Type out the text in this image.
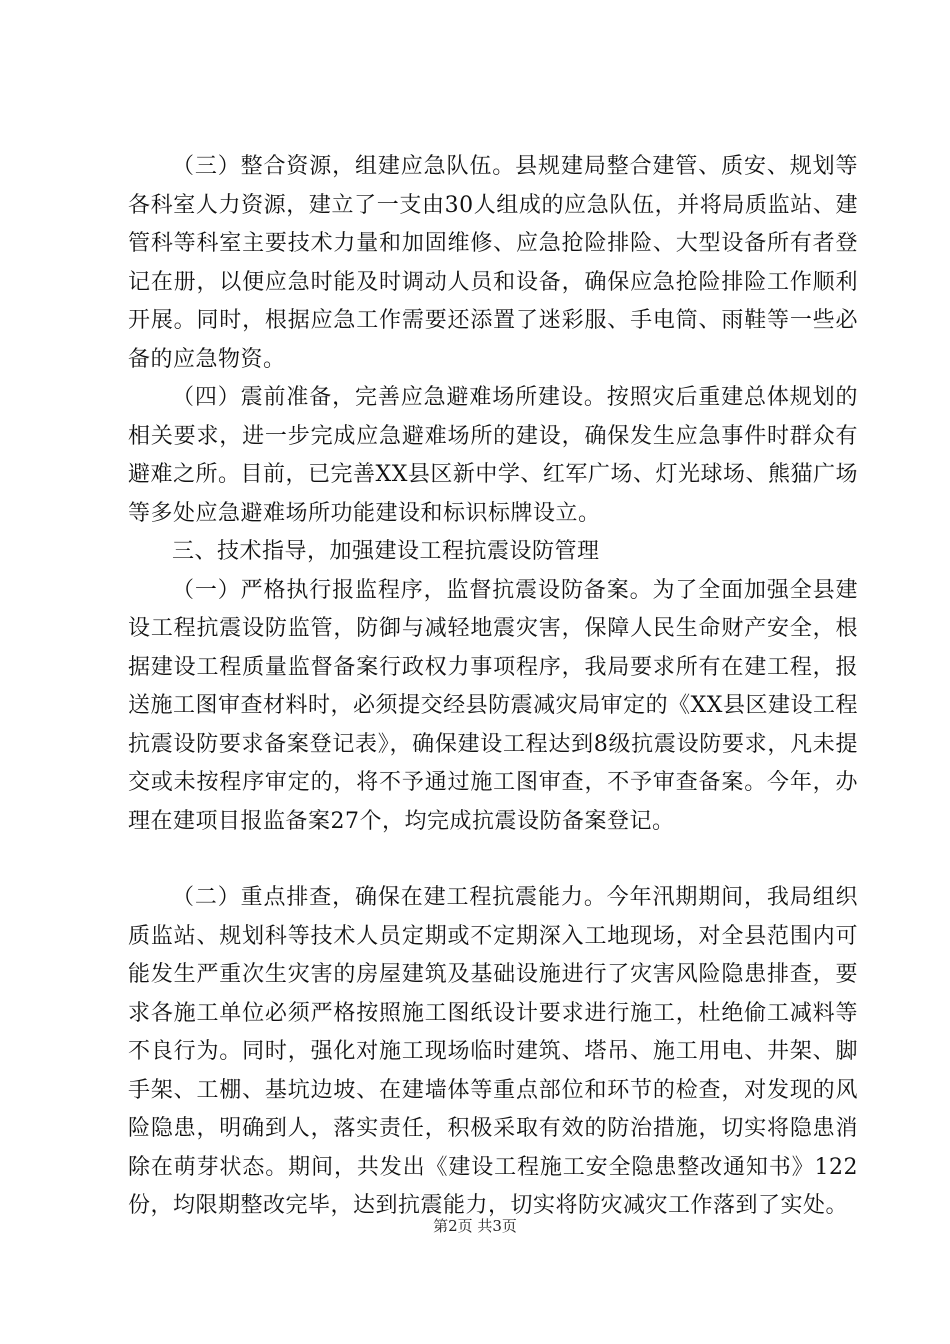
（三）整合资源，组建应急队伍。县规建局整合建管、质安、规划等各科室人力资源，建立了一支由30人组成的应急队伍，并将局质监站、建管科等科室主要技术力量和加固维修、应急抢险排险、大型设备所有者登记在册，以便应急时能及时调动人员和设备，确保应急抢险排险工作顺利开展。同时，根据应急工作需要还添置了迷彩服、手电筒、雨鞋等一些必备的应急物资。

（四）震前准备，完善应急避难场所建设。按照灾后重建总体规划的相关要求，进一步完成应急避难场所的建设，确保发生应急事件时群众有避难之所。目前，已完善XX县区新中学、红军广场、灯光球场、熊猫广场等多处应急避难场所功能建设和标识标牌设立。

三、技术指导，加强建设工程抗震设防管理

（一）严格执行报监程序，监督抗震设防备案。为了全面加强全县建设工程抗震设防监管，防御与减轻地震灾害，保障人民生命财产安全，根据建设工程质量监督备案行政权力事项程序，我局要求所有在建工程，报送施工图审查材料时，必须提交经县防震减灾局审定的《XX县区建设工程抗震设防要求备案登记表》，确保建设工程达到8级抗震设防要求，凡未提交或未按程序审定的，将不予通过施工图审查，不予审查备案。今年，办理在建项目报监备案27个，均完成抗震设防备案登记。

（二）重点排查，确保在建工程抗震能力。今年汛期期间，我局组织质监站、规划科等技术人员定期或不定期深入工地现场，对全县范围内可能发生严重次生灾害的房屋建筑及基础设施进行了灾害风险隐患排查，要求各施工单位必须严格按照施工图纸设计要求进行施工，杜绝偷工减料等不良行为。同时，强化对施工现场临时建筑、塔吊、施工用电、井架、脚手架、工棚、基坑边坡、在建墙体等重点部位和环节的检查，对发现的风险隐患，明确到人，落实责任，积极采取有效的防治措施，切实将隐患消除在萌芽状态。期间，共发出《建设工程施工安全隐患整改通知书》122份，均限期整改完毕，达到抗震能力，切实将防灾减灾工作落到了实处。

第2页 共3页
